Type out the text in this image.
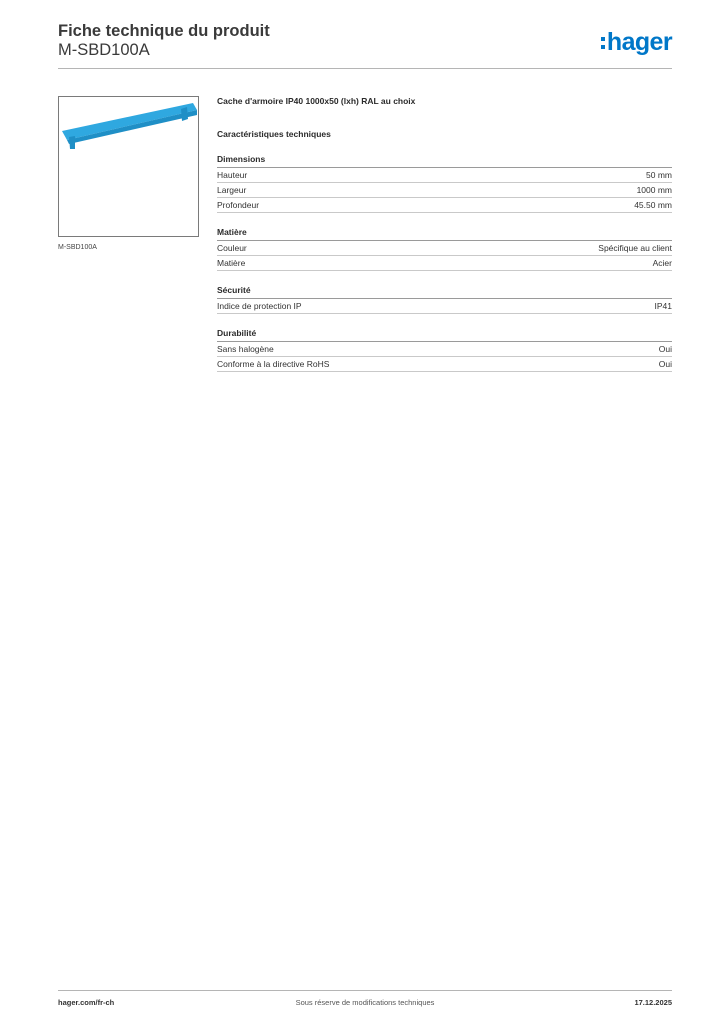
Fiche technique du produit
M-SBD100A	hager
M-SBD100A
Cache d'armoire IP40 1000x50 (lxh) RAL au choix
Caractéristiques techniques
Dimensions
Hauteur	50 mm
Largeur	1000 mm
Profondeur	45.50 mm
Matière
Couleur	Spécifique au client
Matière	Acier
Sécurité
Indice de protection IP	IP41
Durabilité
Sans halogène	Oui
Conforme à la directive RoHS	Oui
hager.com/fr-ch	Sous réserve de modifications techniques	17.12.2025
